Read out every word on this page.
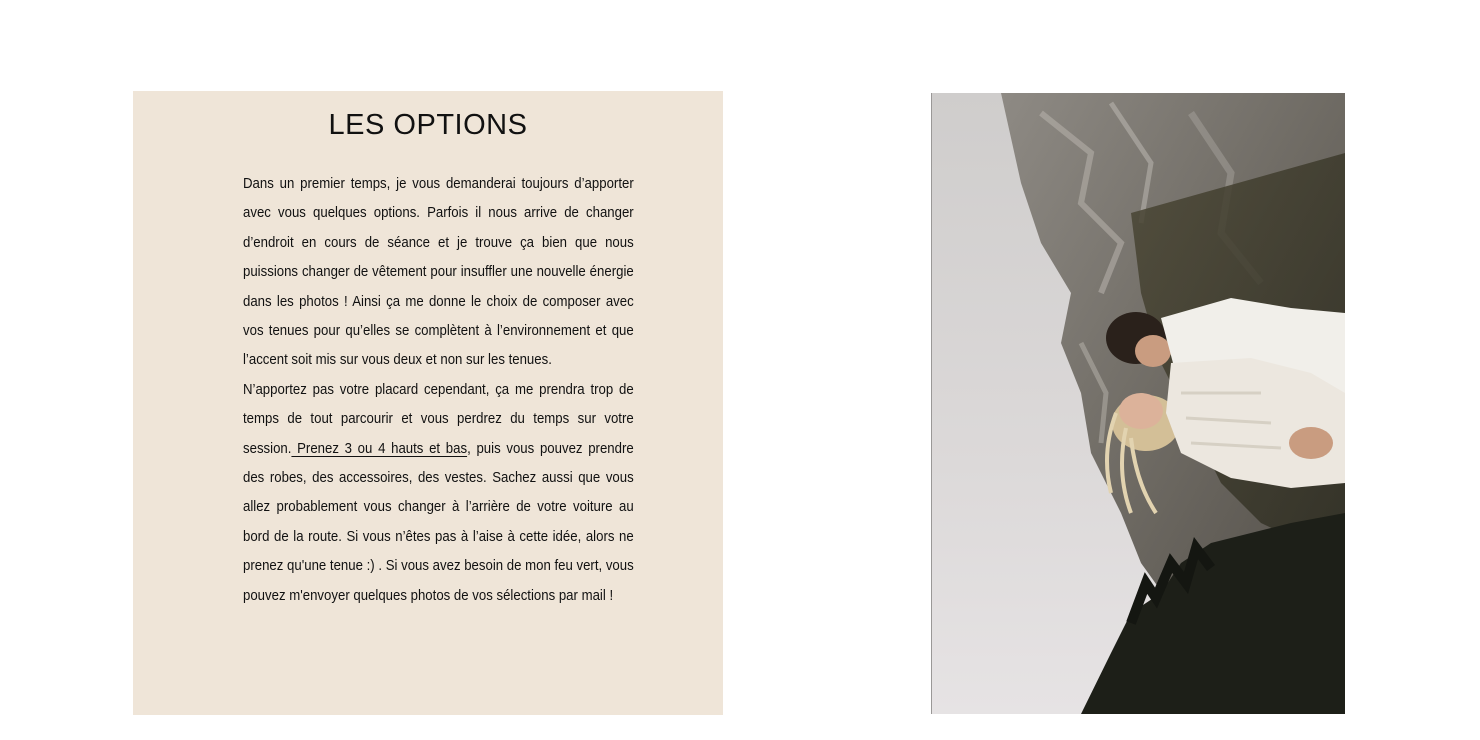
LES OPTIONS

Dans un premier temps, je vous demanderai toujours d’apporter avec vous quelques options. Parfois il nous arrive de changer d’endroit en cours de séance et je trouve ça bien que nous puissions changer de vêtement pour insuffler une nouvelle énergie dans les photos ! Ainsi ça me donne le choix de composer avec vos tenues pour qu’elles se complètent à l’environnement et que l’accent soit mis sur vous deux et non sur les tenues.

N’apportez pas votre placard cependant, ça me prendra trop de temps de tout parcourir et vous perdrez du temps sur votre session. Prenez 3 ou 4 hauts et bas, puis vous pouvez prendre des robes, des accessoires, des vestes. Sachez aussi que vous allez probablement vous changer à l’arrière de votre voiture au bord de la route. Si vous n’êtes pas à l’aise à cette idée, alors ne prenez qu'une tenue :) . Si vous avez besoin de mon feu vert, vous pouvez m'envoyer quelques photos de vos sélections par mail !
